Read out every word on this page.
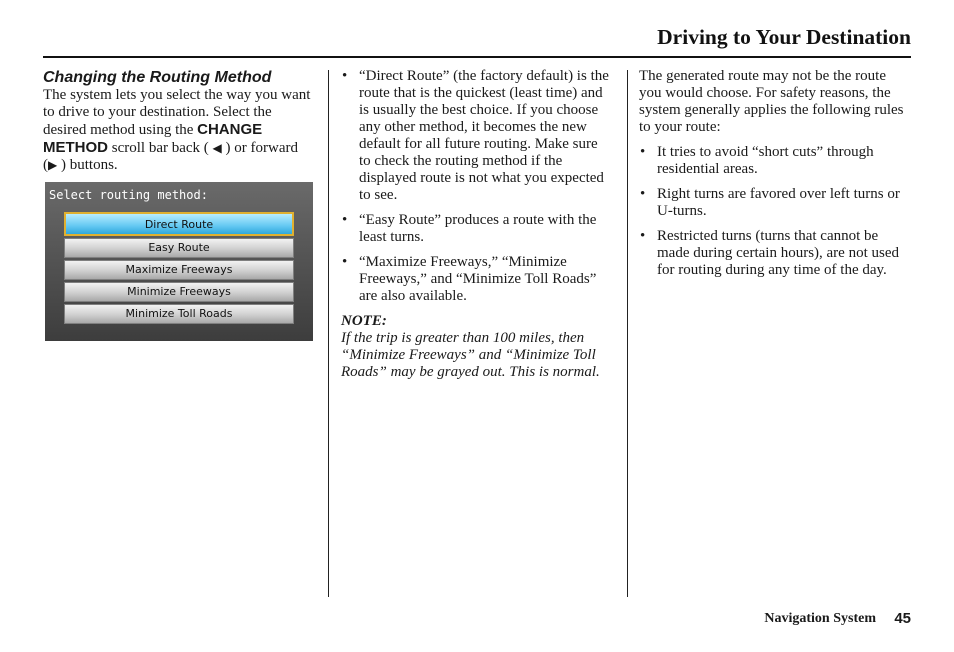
Driving to Your Destination

Changing the Routing Method

The system lets you select the way you want to drive to your destination. Select the desired method using the CHANGE METHOD scroll bar back ( ◀ ) or forward (▶ ) buttons.

Select routing method:
Direct Route
Easy Route
Maximize Freeways
Minimize Freeways
Minimize Toll Roads
• “Direct Route” (the factory default) is the route that is the quickest (least time) and is usually the best choice. If you choose any other method, it becomes the new default for all future routing. Make sure to check the routing method if the displayed route is not what you expected to see.
• “Easy Route” produces a route with the least turns.
• “Maximize Freeways,” “Minimize Freeways,” and “Minimize Toll Roads” are also available.

NOTE:

If the trip is greater than 100 miles, then “Minimize Freeways” and “Minimize Toll Roads” may be grayed out. This is normal.

The generated route may not be the route you would choose. For safety reasons, the system generally applies the following rules to your route:

• It tries to avoid “short cuts” through residential areas.
• Right turns are favored over left turns or U-turns.
• Restricted turns (turns that cannot be made during certain hours), are not used for routing during any time of the day.
Navigation System 45
